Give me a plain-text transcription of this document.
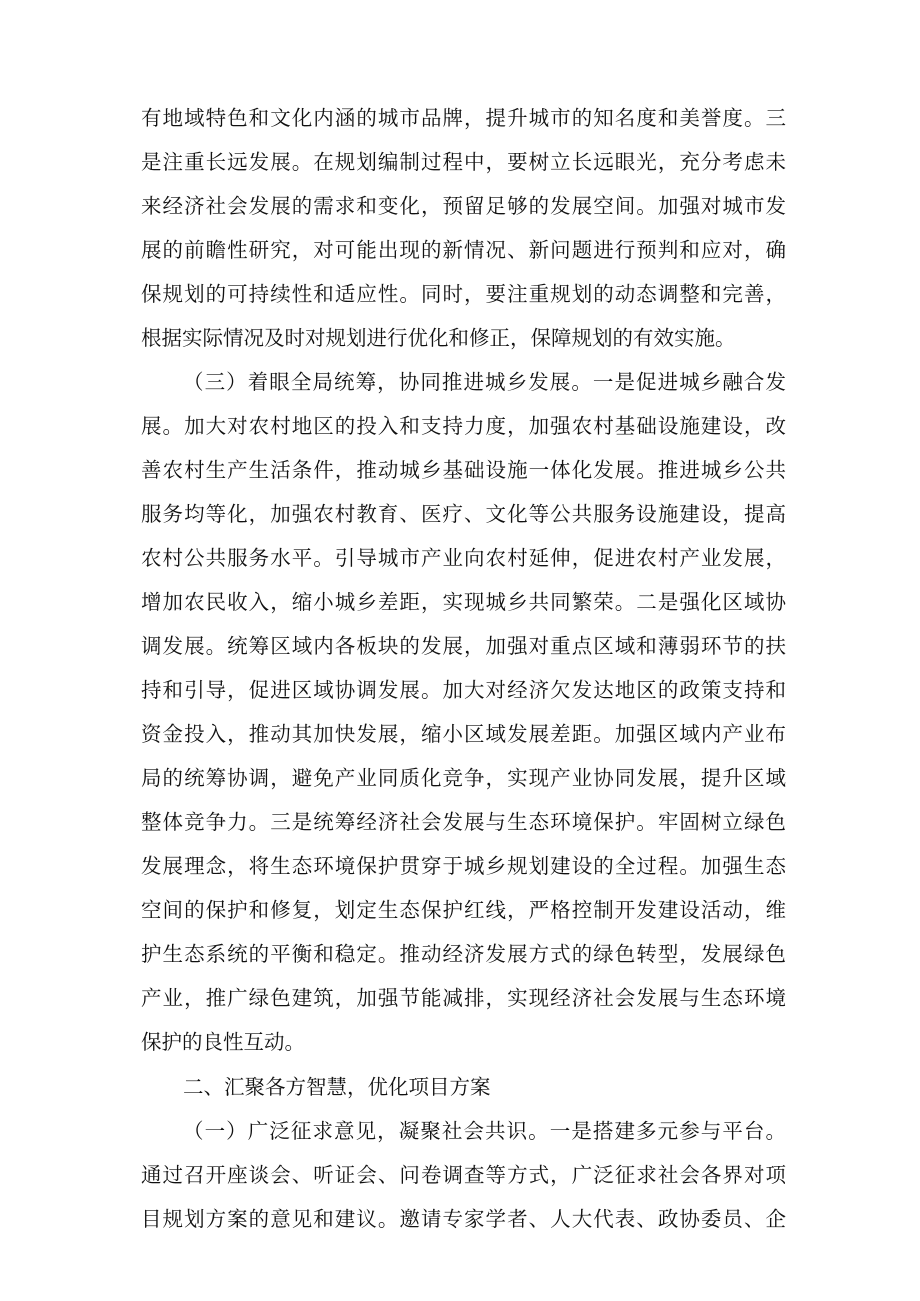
有地域特色和文化内涵的城市品牌，提升城市的知名度和美誉度。三
是注重长远发展。在规划编制过程中，要树立长远眼光，充分考虑未
来经济社会发展的需求和变化，预留足够的发展空间。加强对城市发
展的前瞻性研究，对可能出现的新情况、新问题进行预判和应对，确
保规划的可持续性和适应性。同时，要注重规划的动态调整和完善，
根据实际情况及时对规划进行优化和修正，保障规划的有效实施。
（三）着眼全局统筹，协同推进城乡发展。一是促进城乡融合发
展。加大对农村地区的投入和支持力度，加强农村基础设施建设，改
善农村生产生活条件，推动城乡基础设施一体化发展。推进城乡公共
服务均等化，加强农村教育、医疗、文化等公共服务设施建设，提高
农村公共服务水平。引导城市产业向农村延伸，促进农村产业发展，
增加农民收入，缩小城乡差距，实现城乡共同繁荣。二是强化区域协
调发展。统筹区域内各板块的发展，加强对重点区域和薄弱环节的扶
持和引导，促进区域协调发展。加大对经济欠发达地区的政策支持和
资金投入，推动其加快发展，缩小区域发展差距。加强区域内产业布
局的统筹协调，避免产业同质化竞争，实现产业协同发展，提升区域
整体竞争力。三是统筹经济社会发展与生态环境保护。牢固树立绿色
发展理念，将生态环境保护贯穿于城乡规划建设的全过程。加强生态
空间的保护和修复，划定生态保护红线，严格控制开发建设活动，维
护生态系统的平衡和稳定。推动经济发展方式的绿色转型，发展绿色
产业，推广绿色建筑，加强节能减排，实现经济社会发展与生态环境
保护的良性互动。
二、汇聚各方智慧，优化项目方案
（一）广泛征求意见，凝聚社会共识。一是搭建多元参与平台。
通过召开座谈会、听证会、问卷调查等方式，广泛征求社会各界对项
目规划方案的意见和建议。邀请专家学者、人大代表、政协委员、企
